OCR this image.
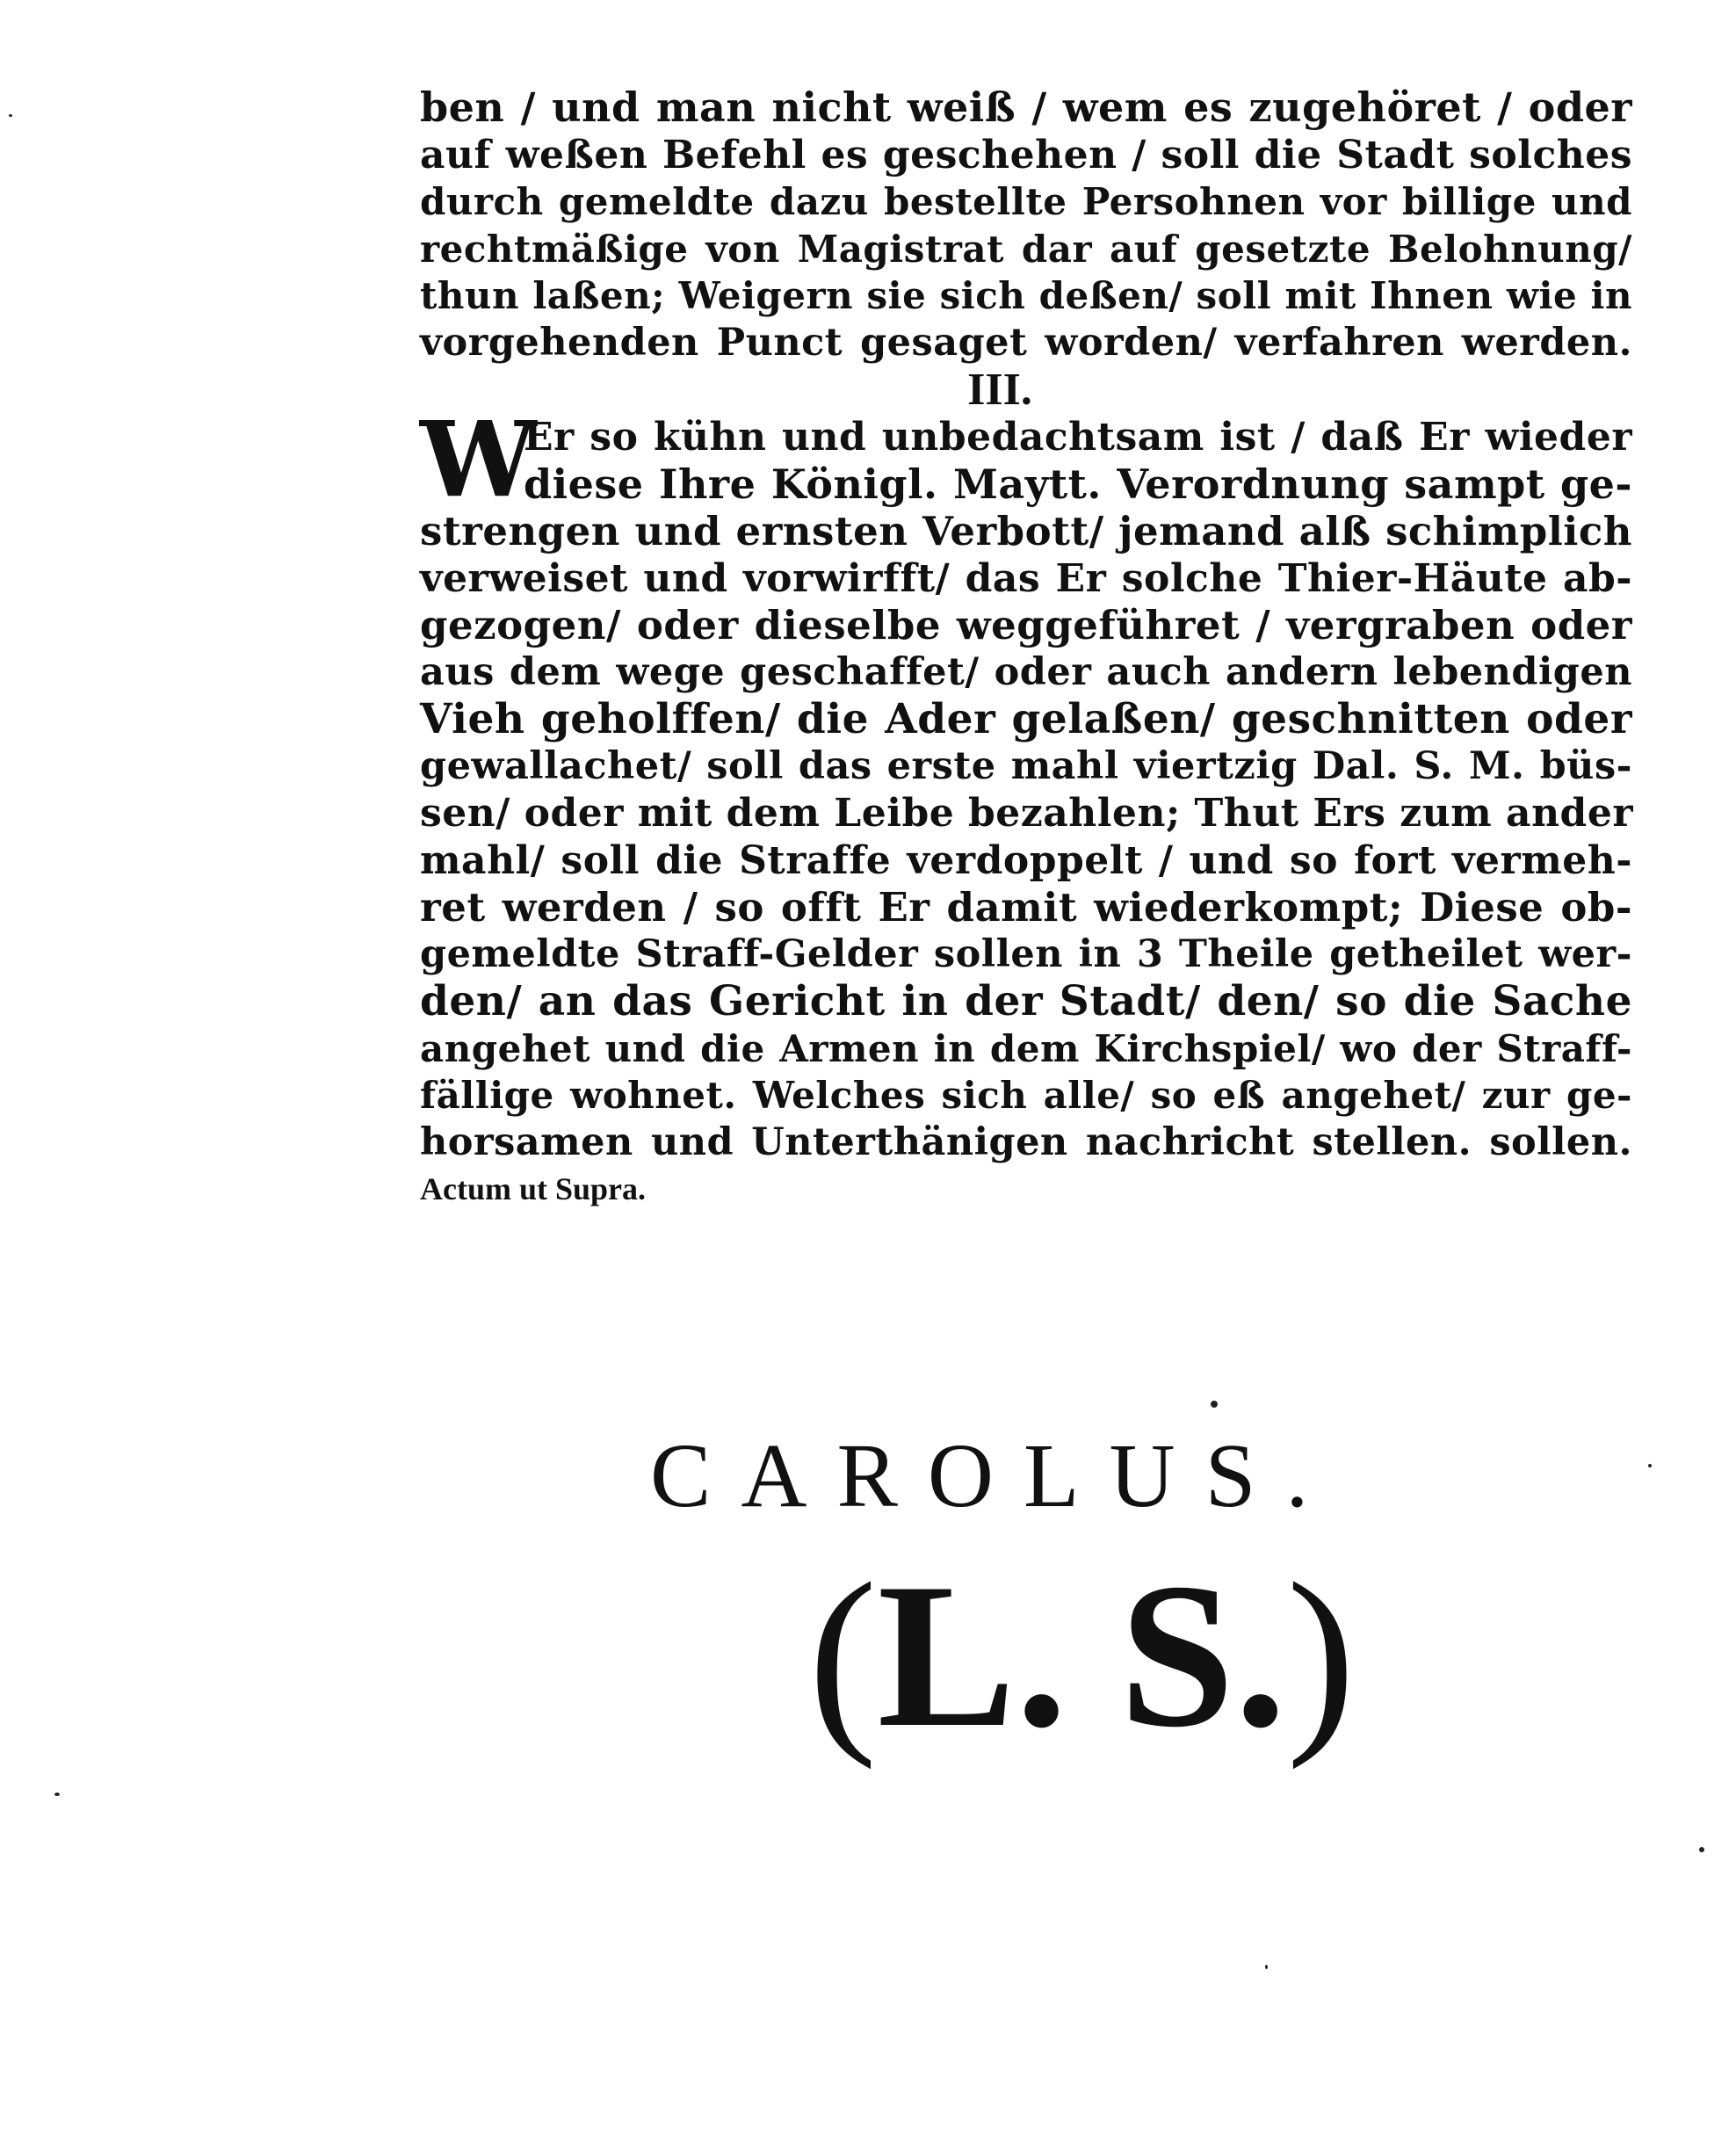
ben / und man nicht weiß / wem es zugehöret / oder
auf weßen Befehl es geschehen / soll die Stadt solches
durch gemeldte dazu bestellte Persohnen vor billige und
rechtmäßige von Magistrat dar auf gesetzte Belohnung/
thun laßen; Weigern sie sich deßen/ soll mit Ihnen wie in
vorgehenden Punct gesaget worden/ verfahren werden.
III.
W
Er so kühn und unbedachtsam ist / daß Er wieder
diese Ihre Königl. Maytt. Verordnung sampt ge-
strengen und ernsten Verbott/ jemand alß schimplich
verweiset und vorwirfft/ das Er solche Thier-Häute ab-
gezogen/ oder dieselbe weggeführet / vergraben oder
aus dem wege geschaffet/ oder auch andern lebendigen
Vieh geholffen/ die Ader gelaßen/ geschnitten oder
gewallachet/ soll das erste mahl viertzig Dal. S. M. büs-
sen/ oder mit dem Leibe bezahlen; Thut Ers zum ander
mahl/ soll die Straffe verdoppelt / und so fort vermeh-
ret werden / so offt Er damit wiederkompt; Diese ob-
gemeldte Straff-Gelder sollen in 3 Theile getheilet wer-
den/ an das Gericht in der Stadt/ den/ so die Sache
angehet und die Armen in dem Kirchspiel/ wo der Straff-
fällige wohnet. Welches sich alle/ so eß angehet/ zur ge-
horsamen und Unterthänigen nachricht stellen. sollen.
Actum ut Supra.
CAROLUS.
(L. S.)
